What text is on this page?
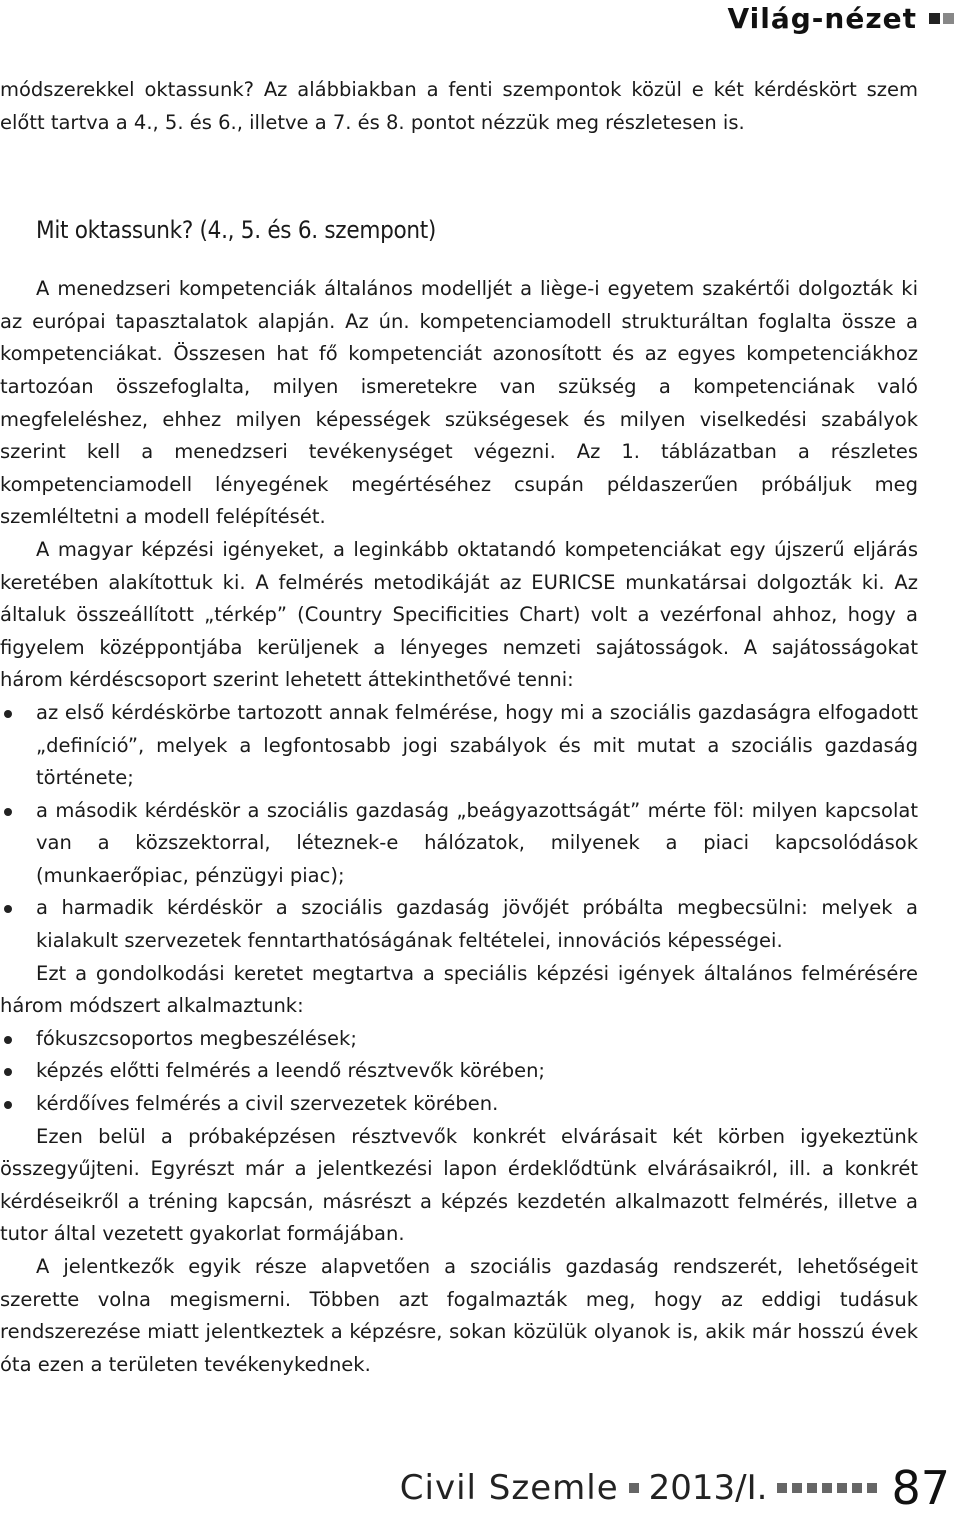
Világ-nézet

módszerekkel oktassunk? Az alábbiakban a fenti szempontok közül e két kérdéskört szem előtt tartva a 4., 5. és 6., illetve a 7. és 8. pontot nézzük meg részletesen is.

Mit oktassunk? (4., 5. és 6. szempont)

A menedzseri kompetenciák általános modelljét a liège-i egyetem szakértői dolgozták ki az európai tapasztalatok alapján. Az ún. kompetenciamodell strukturáltan foglalta össze a kompetenciákat. Összesen hat fő kompetenciát azonosított és az egyes kompetenciákhoz tartozóan összefoglalta, milyen ismeretekre van szükség a kompetenciának való megfeleléshez, ehhez milyen képességek szükségesek és milyen viselkedési szabályok szerint kell a menedzseri tevékenységet végezni. Az 1. táblázatban a részletes kompetenciamodell lényegének megértéséhez csupán példaszerűen próbáljuk meg szemléltetni a modell felépítését.

A magyar képzési igényeket, a leginkább oktatandó kompetenciákat egy újszerű eljárás keretében alakítottuk ki. A felmérés metodikáját az EURICSE munkatársai dolgozták ki. Az általuk összeállított „térkép” (Country Specificities Chart) volt a vezérfonal ahhoz, hogy a figyelem középpontjába kerüljenek a lényeges nemzeti sajátosságok. A sajátosságokat három kérdéscsoport szerint lehetett áttekinthetővé tenni:

az első kérdéskörbe tartozott annak felmérése, hogy mi a szociális gazdaságra elfogadott „definíció”, melyek a legfontosabb jogi szabályok és mit mutat a szociális gazdaság története;
a második kérdéskör a szociális gazdaság „beágyazottságát” mérte föl: milyen kapcsolat van a közszektorral, léteznek-e hálózatok, milyenek a piaci kapcsolódások (munkaerőpiac, pénzügyi piac);
a harmadik kérdéskör a szociális gazdaság jövőjét próbálta megbecsülni: melyek a kialakult szervezetek fenntarthatóságának feltételei, innovációs képességei.

Ezt a gondolkodási keretet megtartva a speciális képzési igények általános felmérésére három módszert alkalmaztunk:

fókuszcsoportos megbeszélések;
képzés előtti felmérés a leendő résztvevők körében;
kérdőíves felmérés a civil szervezetek körében.

Ezen belül a próbaképzésen résztvevők konkrét elvárásait két körben igyekeztünk összegyűjteni. Egyrészt már a jelentkezési lapon érdeklődtünk elvárásaikról, ill. a konkrét kérdéseikről a tréning kapcsán, másrészt a képzés kezdetén alkalmazott felmérés, illetve a tutor által vezetett gyakorlat formájában.

A jelentkezők egyik része alapvetően a szociális gazdaság rendszerét, lehetőségeit szerette volna megismerni. Többen azt fogalmazták meg, hogy az eddigi tudásuk rendszerezése miatt jelentkeztek a képzésre, sokan közülük olyanok is, akik már hosszú évek óta ezen a területen tevékenykednek.

Civil Szemle 2013/I.	87
